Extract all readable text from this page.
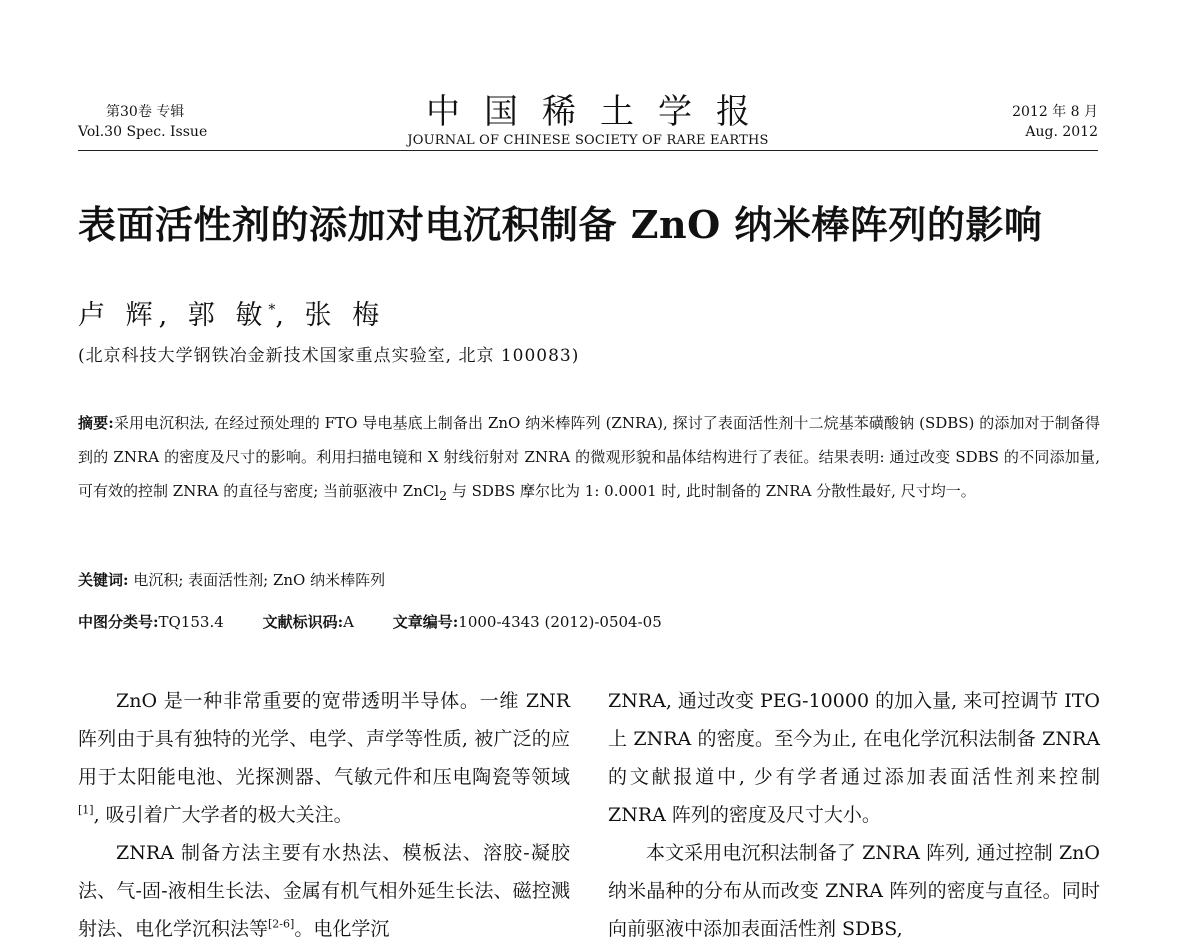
第30卷 专辑
Vol.30 Spec. Issue	中国稀土学报
JOURNAL OF CHINESE SOCIETY OF RARE EARTHS
2012 年 8 月
Aug. 2012
表面活性剂的添加对电沉积制备 ZnO 纳米棒阵列的影响
卢 辉, 郭 敏*, 张 梅
(北京科技大学钢铁冶金新技术国家重点实验室, 北京 100083)
摘要:采用电沉积法, 在经过预处理的 FTO 导电基底上制备出 ZnO 纳米棒阵列 (ZNRA), 探讨了表面活性剂十二烷基苯磺酸钠 (SDBS) 的添加对于制备得到的 ZNRA 的密度及尺寸的影响。利用扫描电镜和 X 射线衍射对 ZNRA 的微观形貌和晶体结构进行了表征。结果表明: 通过改变 SDBS 的不同添加量, 可有效的控制 ZNRA 的直径与密度; 当前驱液中 ZnCl$_2$ 与 SDBS 摩尔比为 1: 0.0001 时, 此时制备的 ZNRA 分散性最好, 尺寸均一。
关键词: 电沉积; 表面活性剂; ZnO 纳米棒阵列
中图分类号:TQ153.4	文献标识码:A	文章编号:1000-4343 (2012)-0504-05

ZnO 是一种非常重要的宽带透明半导体。一维 ZNR 阵列由于具有独特的光学、电学、声学等性质, 被广泛的应用于太阳能电池、光探测器、气敏元件和压电陶瓷等领域[1], 吸引着广大学者的极大关注。

ZNRA 制备方法主要有水热法、模板法、溶胶-凝胶法、气-固-液相生长法、金属有机气相外延生长法、磁控溅射法、电化学沉积法等[2-6]。电化学沉

ZNRA, 通过改变 PEG-10000 的加入量, 来可控调节 ITO 上 ZNRA 的密度。至今为止, 在电化学沉积法制备 ZNRA 的文献报道中, 少有学者通过添加表面活性剂来控制 ZNRA 阵列的密度及尺寸大小。

本文采用电沉积法制备了 ZNRA 阵列, 通过控制 ZnO 纳米晶种的分布从而改变 ZNRA 阵列的密度与直径。同时向前驱液中添加表面活性剂 SDBS,
